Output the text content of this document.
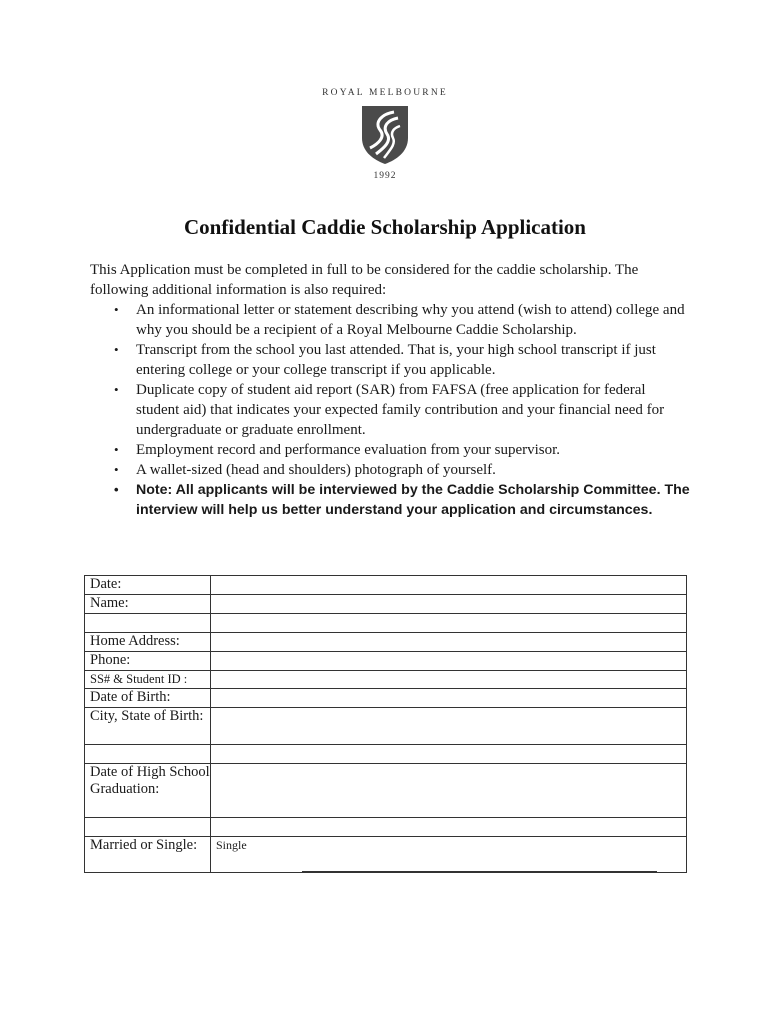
ROYAL MELBOURNE
1992
Confidential Caddie Scholarship Application

This Application must be completed in full to be considered for the caddie scholarship. The following additional information is also required:

• An informational letter or statement describing why you attend (wish to attend) college and why you should be a recipient of a Royal Melbourne Caddie Scholarship.
• Transcript from the school you last attended. That is, your high school transcript if just entering college or your college transcript if you applicable.
• Duplicate copy of student aid report (SAR) from FAFSA (free application for federal student aid) that indicates your expected family contribution and your financial need for undergraduate or graduate enrollment.
• Employment record and performance evaluation from your supervisor.
• A wallet-sized (head and shoulders) photograph of yourself.
• Note: All applicants will be interviewed by the Caddie Scholarship Committee. The interview will help us better understand your application and circumstances.
Date:	
Name:	

Home Address:	
Phone:	
SS# & Student ID :	
Date of Birth:	
City, State of Birth:	

Date of High School Graduation:	

Married or Single:	Single
